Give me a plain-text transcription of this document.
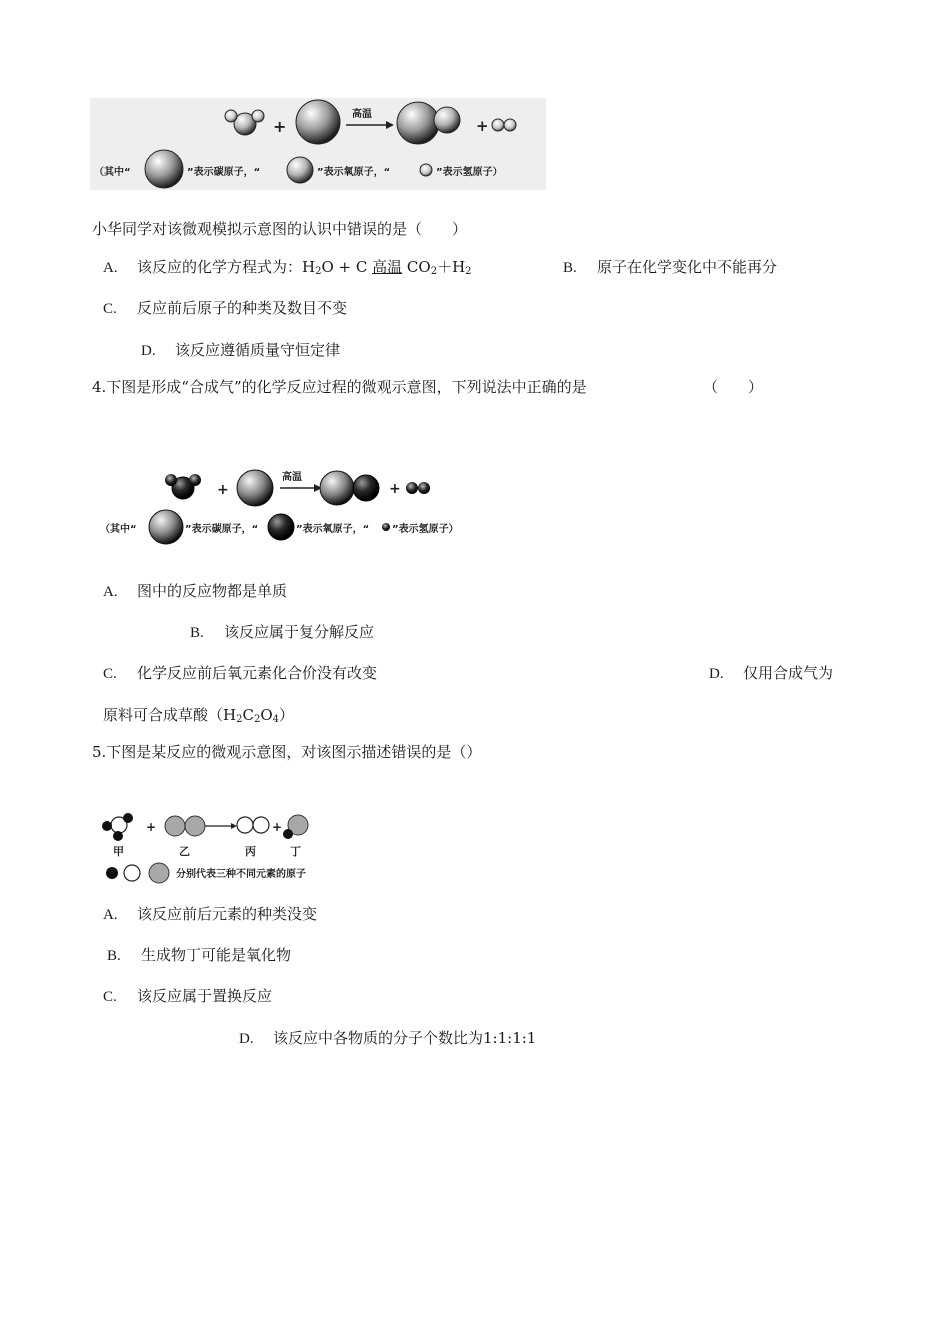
+
高温
+
（其中“	”表示碳原子，“	”表示氧原子，“	”表示氢原子）
小华同学对该微观模拟示意图的认识中错误的是（　　）
A. 该反应的化学方程式为：$H_2O + C$ 高温 $CO_2+H_2$	B. 原子在化学变化中不能再分
C. 反应前后原子的种类及数目不变
D. 该反应遵循质量守恒定律
4.下图是形成“合成气”的化学反应过程的微观示意图，下列说法中正确的是	（　　）
+
高温
+
（其中“	”表示碳原子，“	”表示氧原子，“ ”表示氢原子）
A. 图中的反应物都是单质
B. 该反应属于复分解反应
C. 化学反应前后氧元素化合价没有改变	D. 仅用合成气为
原料可合成草酸$(H_2C_2O_4)$
5.下图是某反应的微观示意图，对该图示描述错误的是（）
+	+
甲	乙	丙	丁
分别代表三种不同元素的原子
A. 该反应前后元素的种类没变
B. 生成物丁可能是氧化物
C. 该反应属于置换反应
D. 该反应中各物质的分子个数比为1:1:1:1
